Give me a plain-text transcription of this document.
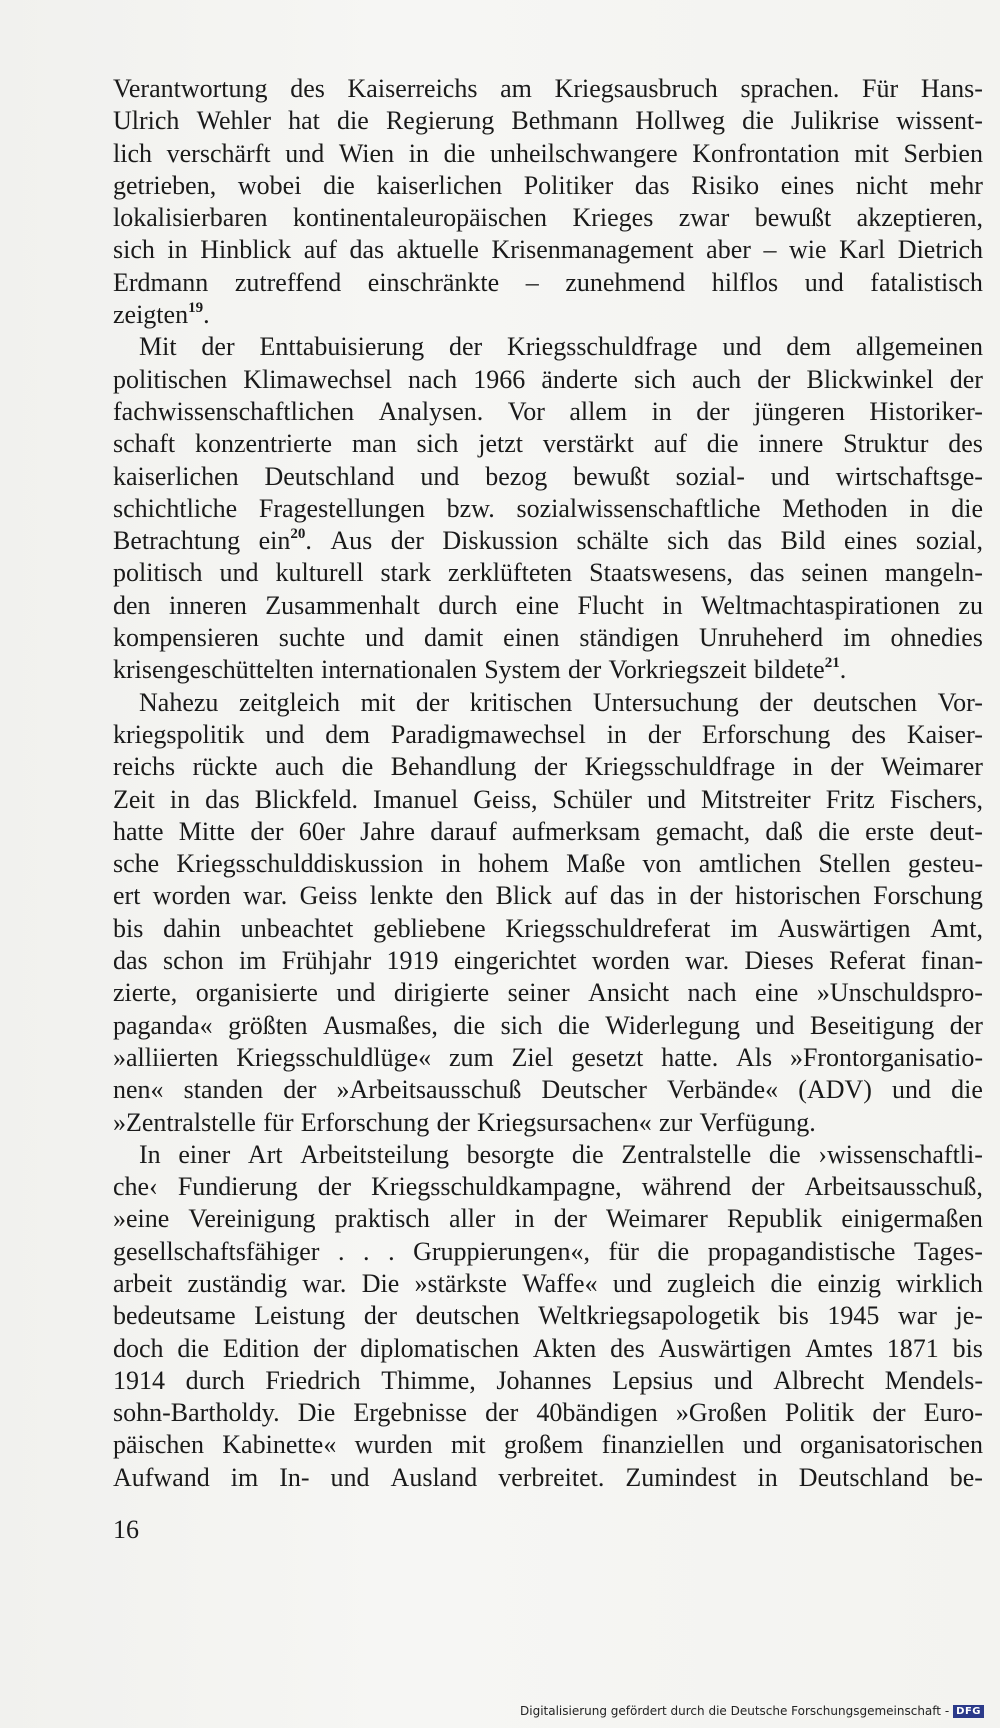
Verantwortung des Kaiserreichs am Kriegsausbruch sprachen. Für Hans-
Ulrich Wehler hat die Regierung Bethmann Hollweg die Julikrise wissent-
lich verschärft und Wien in die unheilschwangere Konfrontation mit Serbien
getrieben, wobei die kaiserlichen Politiker das Risiko eines nicht mehr
lokalisierbaren kontinentaleuropäischen Krieges zwar bewußt akzeptieren,
sich in Hinblick auf das aktuelle Krisenmanagement aber – wie Karl Dietrich
Erdmann zutreffend einschränkte – zunehmend hilflos und fatalistisch
zeigten$^{19}$.
Mit der Enttabuisierung der Kriegsschuldfrage und dem allgemeinen
politischen Klimawechsel nach 1966 änderte sich auch der Blickwinkel der
fachwissenschaftlichen Analysen. Vor allem in der jüngeren Historiker-
schaft konzentrierte man sich jetzt verstärkt auf die innere Struktur des
kaiserlichen Deutschland und bezog bewußt sozial- und wirtschaftsge-
schichtliche Fragestellungen bzw. sozialwissenschaftliche Methoden in die
Betrachtung ein$^{20}$. Aus der Diskussion schälte sich das Bild eines sozial,
politisch und kulturell stark zerklüfteten Staatswesens, das seinen mangeln-
den inneren Zusammenhalt durch eine Flucht in Weltmachtaspirationen zu
kompensieren suchte und damit einen ständigen Unruheherd im ohnedies
krisengeschüttelten internationalen System der Vorkriegszeit bildete$^{21}$.
Nahezu zeitgleich mit der kritischen Untersuchung der deutschen Vor-
kriegspolitik und dem Paradigmawechsel in der Erforschung des Kaiser-
reichs rückte auch die Behandlung der Kriegsschuldfrage in der Weimarer
Zeit in das Blickfeld. Imanuel Geiss, Schüler und Mitstreiter Fritz Fischers,
hatte Mitte der 60er Jahre darauf aufmerksam gemacht, daß die erste deut-
sche Kriegsschulddiskussion in hohem Maße von amtlichen Stellen gesteu-
ert worden war. Geiss lenkte den Blick auf das in der historischen Forschung
bis dahin unbeachtet gebliebene Kriegsschuldreferat im Auswärtigen Amt,
das schon im Frühjahr 1919 eingerichtet worden war. Dieses Referat finan-
zierte, organisierte und dirigierte seiner Ansicht nach eine »Unschuldspro-
paganda« größten Ausmaßes, die sich die Widerlegung und Beseitigung der
»alliierten Kriegsschuldlüge« zum Ziel gesetzt hatte. Als »Frontorganisatio-
nen« standen der »Arbeitsausschuß Deutscher Verbände« (ADV) und die
»Zentralstelle für Erforschung der Kriegsursachen« zur Verfügung.
In einer Art Arbeitsteilung besorgte die Zentralstelle die ›wissenschaftli-
che‹ Fundierung der Kriegsschuldkampagne, während der Arbeitsausschuß,
»eine Vereinigung praktisch aller in der Weimarer Republik einigermaßen
gesellschaftsfähiger . . . Gruppierungen«, für die propagandistische Tages-
arbeit zuständig war. Die »stärkste Waffe« und zugleich die einzig wirklich
bedeutsame Leistung der deutschen Weltkriegsapologetik bis 1945 war je-
doch die Edition der diplomatischen Akten des Auswärtigen Amtes 1871 bis
1914 durch Friedrich Thimme, Johannes Lepsius und Albrecht Mendels-
sohn-Bartholdy. Die Ergebnisse der 40bändigen »Großen Politik der Euro-
päischen Kabinette« wurden mit großem finanziellen und organisatorischen
Aufwand im In- und Ausland verbreitet. Zumindest in Deutschland be-
16
Digitalisierung gefördert durch die Deutsche Forschungsgemeinschaft - DFG
